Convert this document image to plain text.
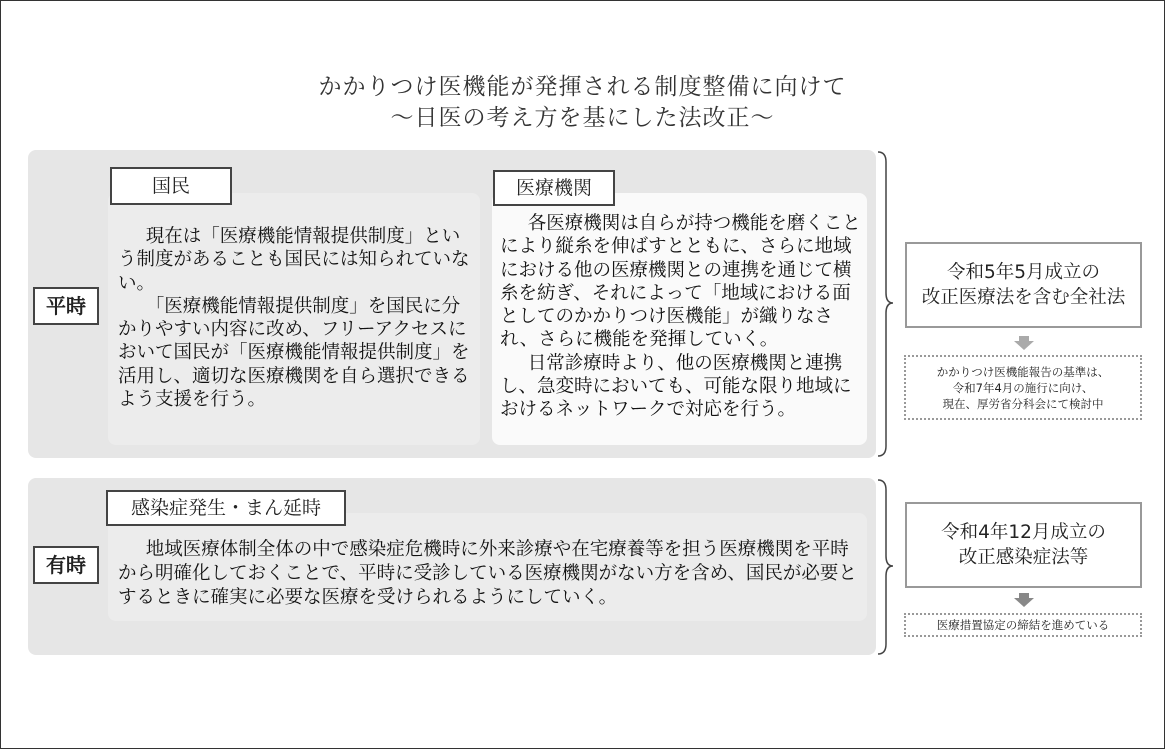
かかりつけ医機能が発揮される制度整備に向けて
～日医の考え方を基にした法改正～
平時
国民	医療機関

現在は「医療機能情報提供制度」という制度があることも国民には知られていない。

「医療機能情報提供制度」を国民に分かりやすい内容に改め、フリーアクセスにおいて国民が「医療機能情報提供制度」を活用し、適切な医療機関を自ら選択できるよう支援を行う。

各医療機関は自らが持つ機能を磨くことにより縦糸を伸ばすとともに、さらに地域における他の医療機関との連携を通じて横糸を紡ぎ、それによって「地域における面としてのかかりつけ医機能」が織りなされ、さらに機能を発揮していく。

日常診療時より、他の医療機関と連携し、急変時においても、可能な限り地域におけるネットワークで対応を行う。

令和5年5月成立の
改正医療法を含む全社法
かかりつけ医機能報告の基準は、
令和7年4月の施行に向け、
現在、厚労省分科会にて検討中
有時
感染症発生・まん延時

地域医療体制全体の中で感染症危機時に外来診療や在宅療養等を担う医療機関を平時から明確化しておくことで、平時に受診している医療機関がない方を含め、国民が必要とするときに確実に必要な医療を受けられるようにしていく。

令和4年12月成立の
改正感染症法等
医療措置協定の締結を進めている
